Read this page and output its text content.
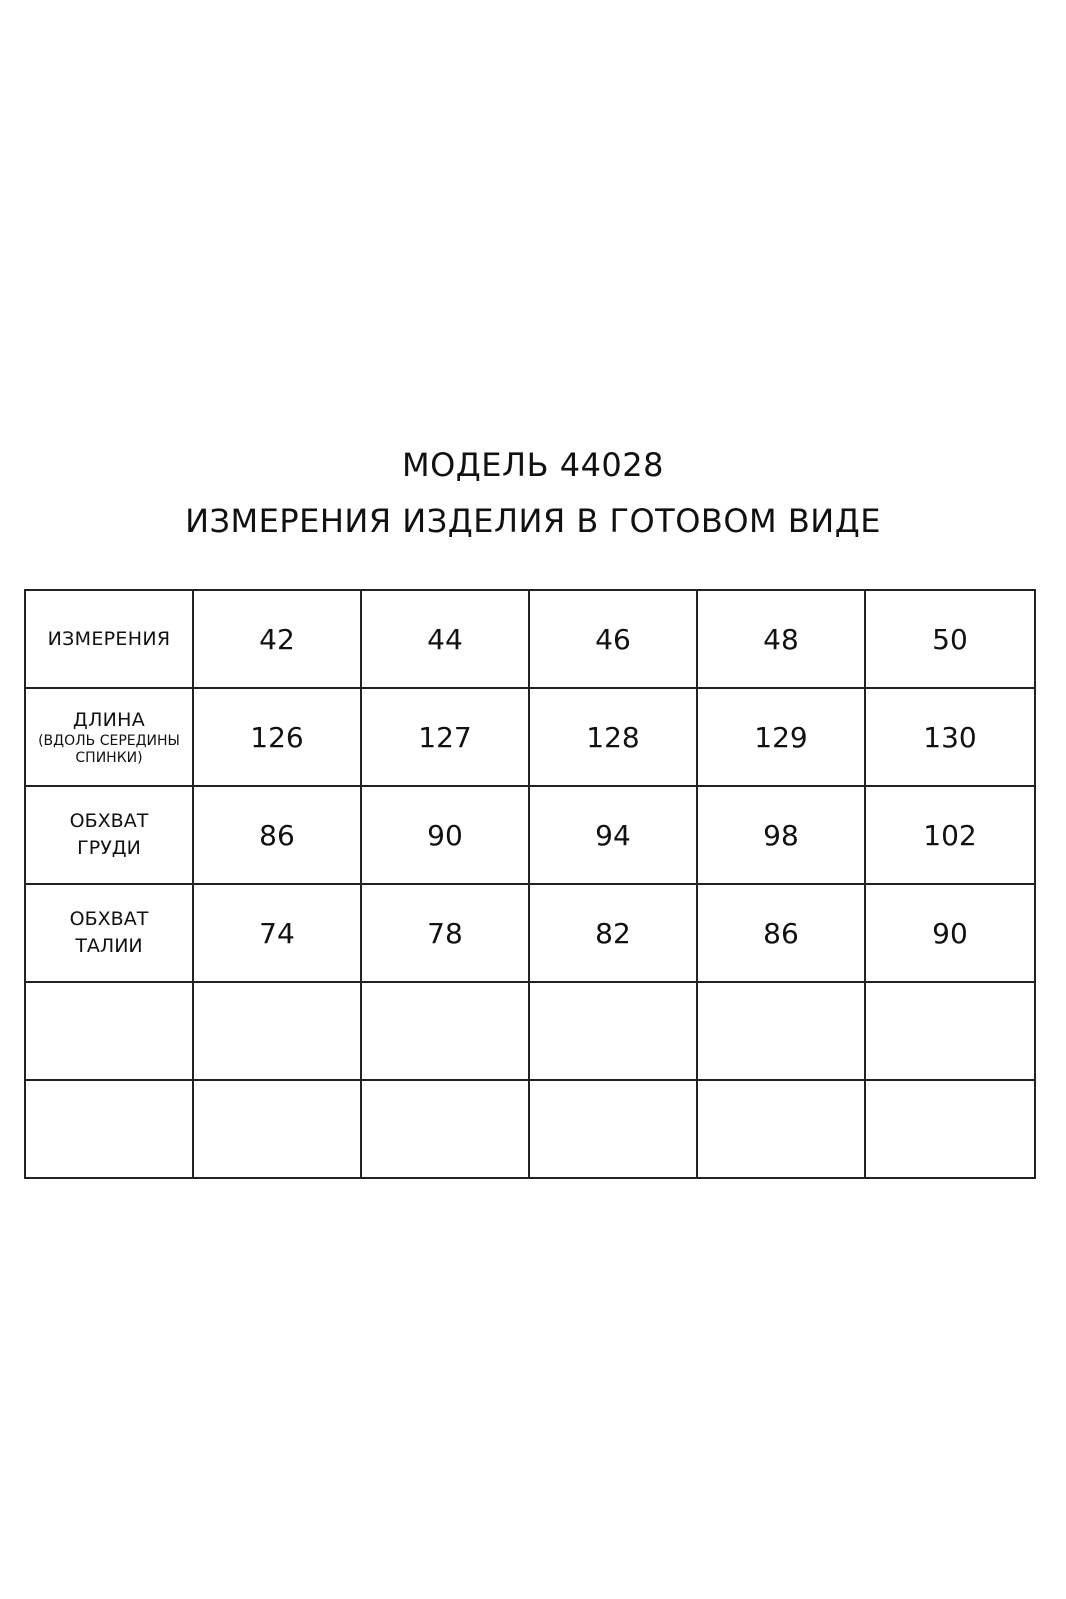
МОДЕЛЬ 44028
ИЗМЕРЕНИЯ ИЗДЕЛИЯ В ГОТОВОМ ВИДЕ
ИЗМЕРЕНИЯ	42	44	46	48	50

ДЛИНА
(ВДОЛЬ СЕРЕДИНЫ
СПИНКИ)	126	127	128	129	130

ОБХВАТ
ГРУДИ	86	90	94	98	102

ОБХВАТ
ТАЛИИ	74	78	82	86	90
